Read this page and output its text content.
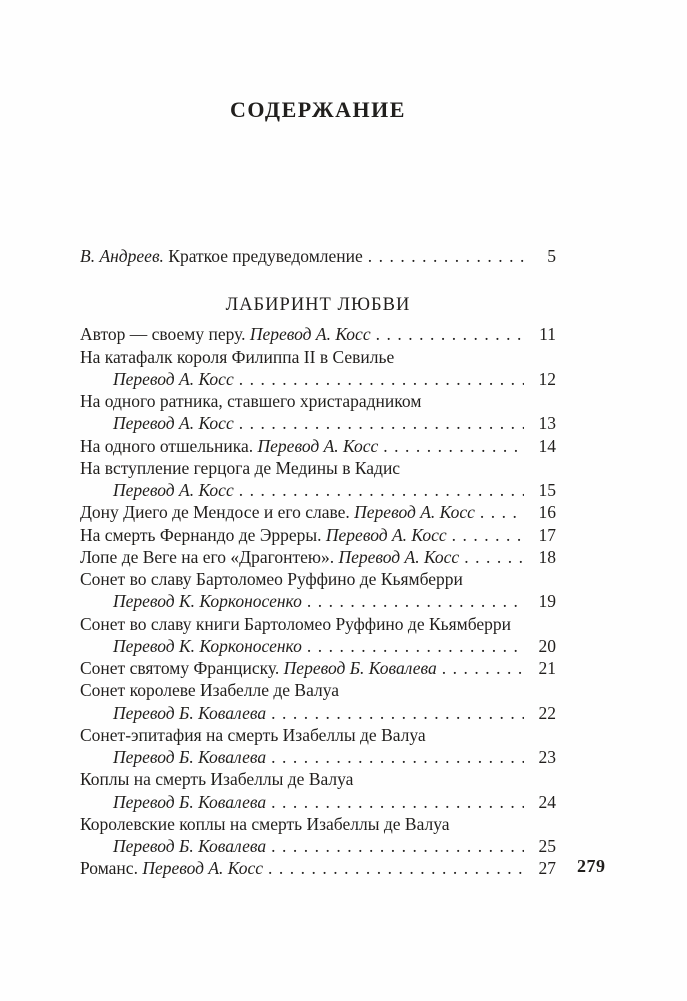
СОДЕРЖАНИЕ
В. Андреев. Краткое предуведомление .....	5
ЛАБИРИНТ ЛЮБВИ
Автор — своему перу. Перевод А. Косс .....	11
На катафалк короля Филиппа II в Севилье
Перевод А. Косс .....	12
На одного ратника, ставшего христарадником
Перевод А. Косс .....	13
На одного отшельника. Перевод А. Косс .....	14
На вступление герцога де Медины в Кадис
Перевод А. Косс .....	15
Дону Диего де Мендосе и его славе. Перевод А. Косс .....	16
На смерть Фернандо де Эрреры. Перевод А. Косс .....	17
Лопе де Веге на его «Драгонтею». Перевод А. Косс .....	18
Сонет во славу Бартоломео Руффино де Кьямберри
Перевод К. Корконосенко .....	19
Сонет во славу книги Бартоломео Руффино де Кьямберри
Перевод К. Корконосенко .....	20
Сонет святому Франциску. Перевод Б. Ковалева .....	21
Сонет королеве Изабелле де Валуа
Перевод Б. Ковалева .....	22
Сонет-эпитафия на смерть Изабеллы де Валуа
Перевод Б. Ковалева .....	23
Коплы на смерть Изабеллы де Валуа
Перевод Б. Ковалева .....	24
Королевские коплы на смерть Изабеллы де Валуа
Перевод Б. Ковалева .....	25
Романс. Перевод А. Косс .....	27 279
